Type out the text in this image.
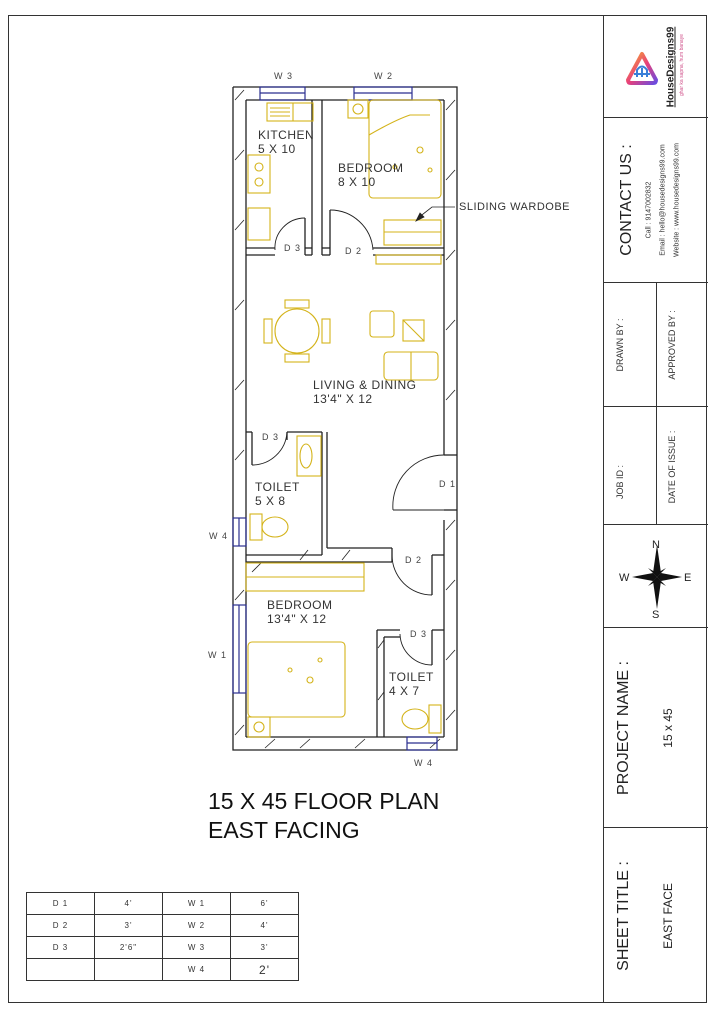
KITCHEN
5 X 10
BEDROOM
8 X 10
LIVING & DINING
13'4" X 12
TOILET
5 X 8
BEDROOM
13'4" X 12
TOILET
4 X 7
SLIDING WARDOBE
W 3	W 2
D 3	D 2
D 3
D 1
W 4
D 2
W 1
D 3
W 4
15 X 45 FLOOR PLAN
EAST FACING
D 1	4'	W 1	6'
D 2	3'	W 2	4'
D 3	2'6"	W 3	3'
		W 4	2'
HouseDesigns99 ghar ka sapna, hum banaye
CONTACT US : Call : 9147002832 Email : hello@housedesigns99.com Website : www.housedesigns99.com
DRAWN BY :	APPROVED BY :
JOB ID :	DATE OF ISSUE :
N
S
W	E
PROJECT NAME : 15 x 45
SHEET TITLE : EAST FACE
